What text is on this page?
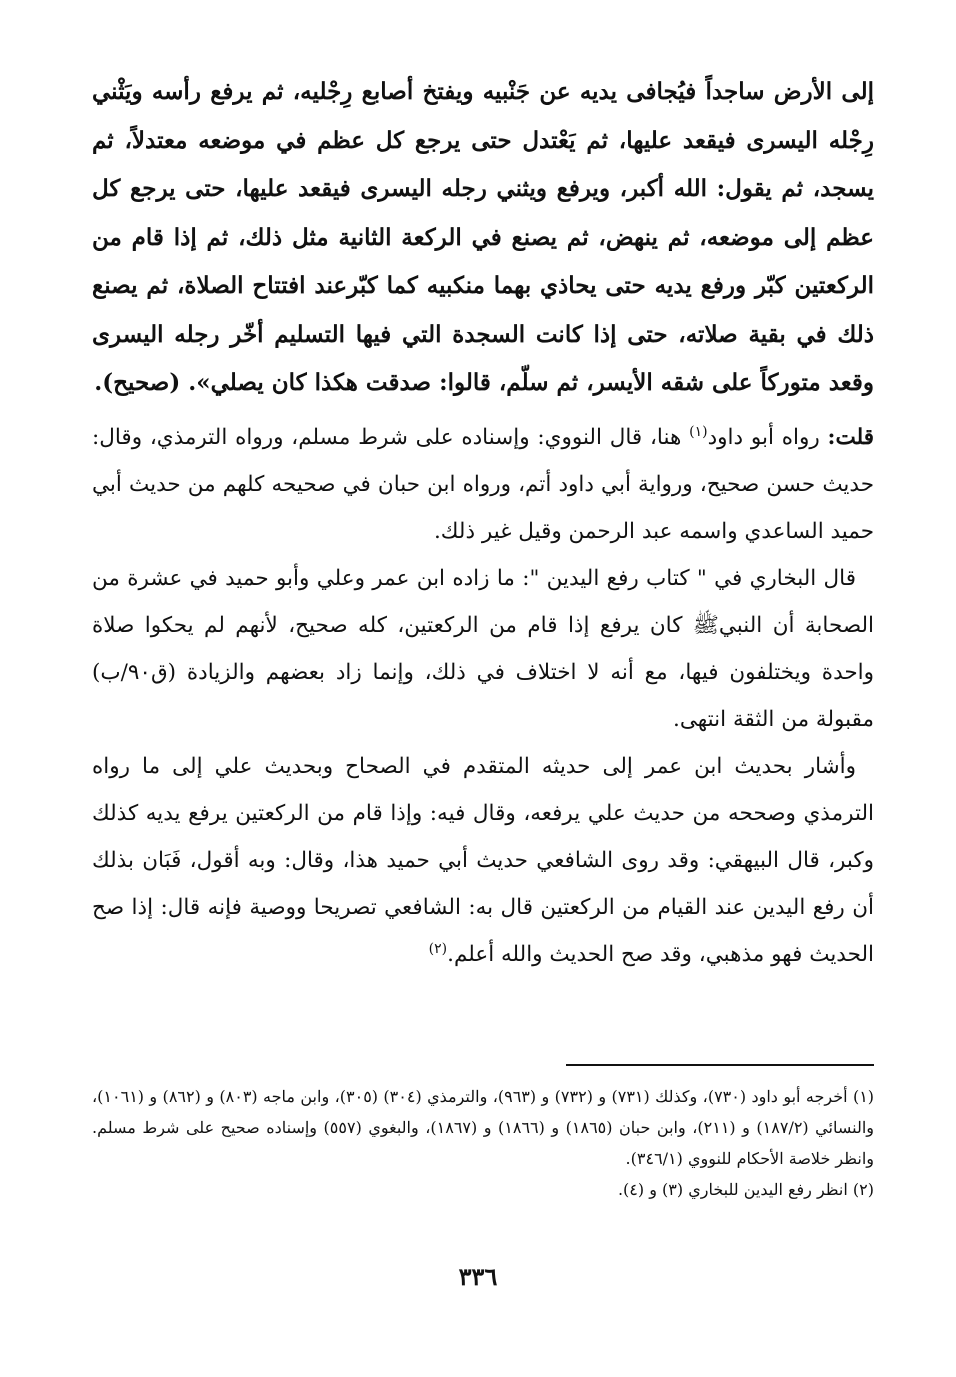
إلى الأرض ساجداً فيُجافى يديه عن جَنْبيه ويفتخ أصابع رِجْليه، ثم يرفع رأسه ويَثْني رِجْله اليسرى فيقعد عليها، ثم يَعْتدل حتى يرجع كل عظم في موضعه معتدلاً، ثم يسجد، ثم يقول: الله أكبر، ويرفع ويثني رجله اليسرى فيقعد عليها، حتى يرجع كل عظم إلى موضعه، ثم ينهض، ثم يصنع في الركعة الثانية مثل ذلك، ثم إذا قام من الركعتين كبّر ورفع يديه حتى يحاذي بهما منكبيه كما كبّرعند افتتاح الصلاة، ثم يصنع ذلك في بقية صلاته، حتى إذا كانت السجدة التي فيها التسليم أخّر رجله اليسرى وقعد متوركاً على شقه الأيسر، ثم سلّم، قالوا: صدقت هكذا كان يصلي». (صحيح).

قلت: رواه أبو داود$^{(١)}$ هنا، قال النووي: وإسناده على شرط مسلم، ورواه الترمذي، وقال: حديث حسن صحيح، ورواية أبي داود أتم، ورواه ابن حبان في صحيحه كلهم من حديث أبي حميد الساعدي واسمه عبد الرحمن وقيل غير ذلك.

قال البخاري في " كتاب رفع اليدين ": ما زاده ابن عمر وعلي وأبو حميد في عشرة من الصحابة أن النبيﷺ كان يرفع إذا قام من الركعتين، كله صحيح، لأنهم لم يحكوا صلاة واحدة ويختلفون فيها، مع أنه لا اختلاف في ذلك، وإنما زاد بعضهم والزيادة (ق٩٠/ب) مقبولة من الثقة انتهى.

وأشار بحديث ابن عمر إلى حديثه المتقدم في الصحاح وبحديث علي إلى ما رواه الترمذي وصححه من حديث علي يرفعه، وقال فيه: وإذا قام من الركعتين يرفع يديه كذلك وكبر، قال البيهقي: وقد روى الشافعي حديث أبي حميد هذا، وقال: وبه أقول، فَبَان بذلك أن رفع اليدين عند القيام من الركعتين قال به: الشافعي تصريحا ووصية فإنه قال: إذا صح الحديث فهو مذهبي، وقد صح الحديث والله أعلم.$^{(٢)}$

(١) أخرجه أبو داود (٧٣٠)، وكذلك (٧٣١) و (٧٣٢) و (٩٦٣)، والترمذي (٣٠٤) (٣٠٥)، وابن ماجه (٨٠٣) و (٨٦٢) و (١٠٦١)، والنسائي (١٨٧/٢) و (٢١١)، وابن حبان (١٨٦٥) و (١٨٦٦) و (١٨٦٧)، والبغوي (٥٥٧) وإسناده صحيح على شرط مسلم. وانظر خلاصة الأحكام للنووي (٣٤٦/١).

(٢) انظر رفع اليدين للبخاري (٣) و (٤).

٣٣٦
